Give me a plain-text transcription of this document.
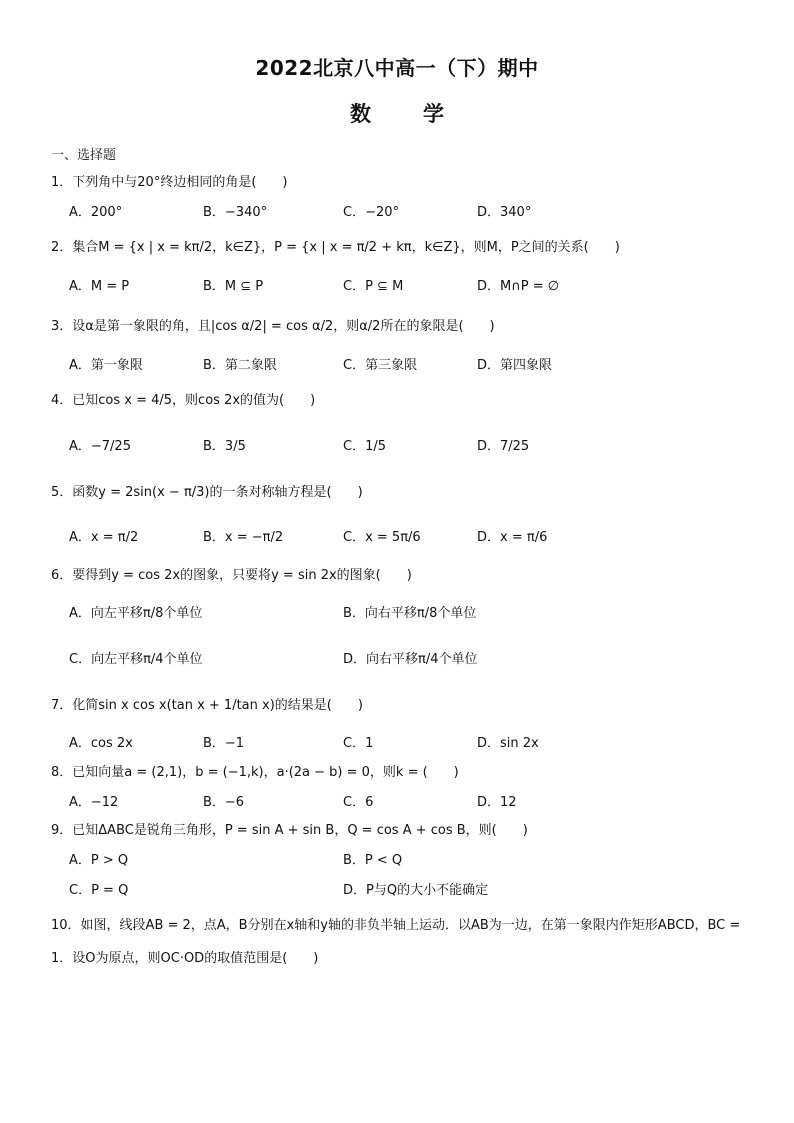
2022北京八中高一（下）期中
数 学
一、选择题
1．下列角中与20°终边相同的角是(　　)
A．200°	B．−340°	C．−20°	D．340°
2．集合M = {x | x = kπ/2，k∈Z}，P = {x | x = π/2 + kπ，k∈Z}，则M，P之间的关系(　　)
A．M = P	B．M ⊆ P	C．P ⊆ M	D．M∩P = ∅
3．设α是第一象限的角，且|cos α/2| = cos α/2，则α/2所在的象限是(　　)
A．第一象限	B．第二象限	C．第三象限	D．第四象限
4．已知cos x = 4/5，则cos 2x的值为(　　)
A．−7/25	B．3/5	C．1/5	D．7/25
5．函数y = 2sin(x − π/3)的一条对称轴方程是(　　)
A．x = π/2	B．x = −π/2	C．x = 5π/6	D．x = π/6
6．要得到y = cos 2x的图象，只要将y = sin 2x的图象(　　)
A．向左平移π/8个单位	B．向右平移π/8个单位
C．向左平移π/4个单位	D．向右平移π/4个单位
7．化简sin x cos x(tan x + 1/tan x)的结果是(　　)
A．cos 2x	B．−1	C．1	D．sin 2x
8．已知向量a = (2,1)，b = (−1,k)，a·(2a − b) = 0，则k = (　　)
A．−12	B．−6	C．6	D．12
9．已知ΔABC是锐角三角形，P = sin A + sin B，Q = cos A + cos B，则(　　)
A．P > Q	B．P < Q
C．P = Q	D．P与Q的大小不能确定
10．如图，线段AB = 2，点A，B分别在x轴和y轴的非负半轴上运动．以AB为一边，在第一象限内作矩形ABCD，BC = 1．设O为原点，则OC·OD的取值范围是(　　)
